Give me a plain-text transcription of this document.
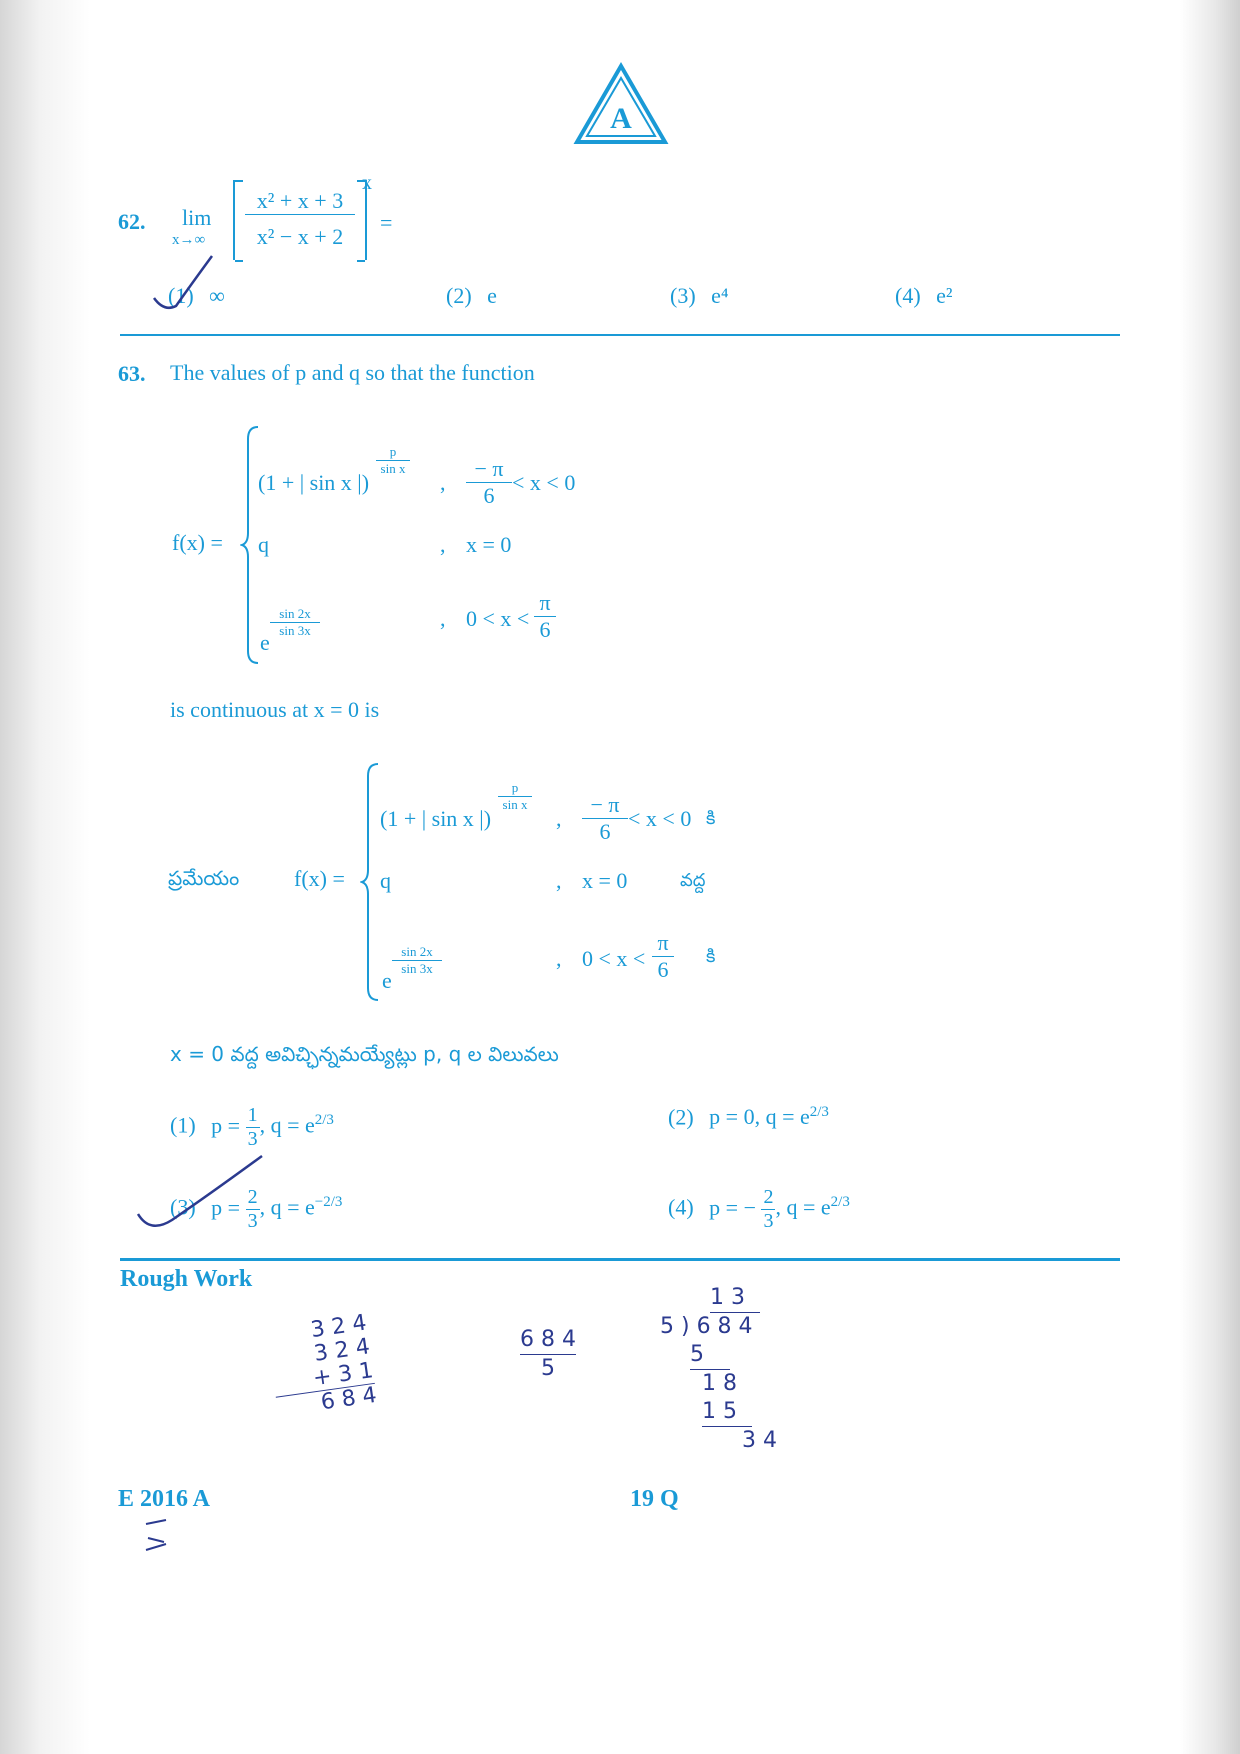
A
62. lim
$x\to\infty \frac{\text{x² + x + 3}}{\text{x² − x + 2}}$
x
=
(1) ∞	(2) e	(3) e⁴	(4) e²
63. The values of p and q so that the function
f(x) =
(1 + | sin x |)
$\frac{p}{\text{sin x}}$
, $\frac{- \pi}{6} < x < 0$
q	, x = 0
e
$\frac{\sin 2x}{\sin 3x}$	, $0 < x < \frac{\pi}{6}$
is continuous at x = 0 is
ప్రమేయం f(x) =
(1 + | sin x |)
$\frac{p}{\text{sin x}}$
, $\frac{- \pi}{6} < x < 0$ కి
q	, x = 0	వద్ద
e
$\frac{\sin 2x}{\sin 3x}$	, $0 < x < \frac{\pi}{6}$ కి
x = 0 వద్ద అవిచ్ఛిన్నమయ్యేట్లు p, q ల విలువలు
(1) $p = \frac{1}{3}$ , $q = e^{2/3}$	(2) p = 0, $q = e^{2/3}$
(3) $p = \frac{2}{3}$ , $q = e^{-2/3}$	(4) p = − $\frac{2}{3}$ , $q = e^{2/3}$
Rough Work
3 2 4
3 2 4
+ 3 1
6 8 4
6 8 4
5
1 3
5 ) 6 8 4
5
1 8
1 5
3 4
E 2016 A	19 Q
